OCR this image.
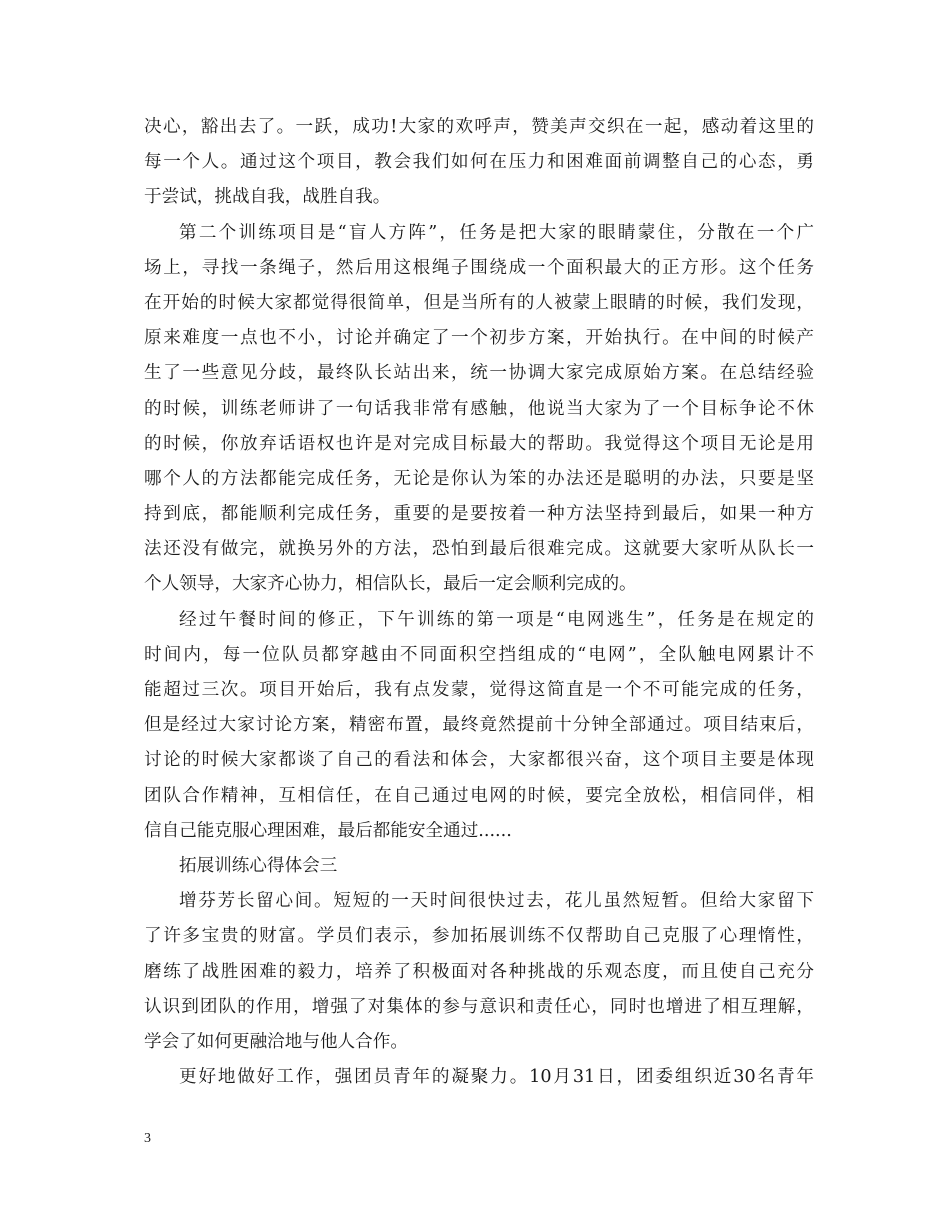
决心，豁出去了。一跃，成功!大家的欢呼声，赞美声交织在一起，感动着这里的
每一个人。通过这个项目，教会我们如何在压力和困难面前调整自己的心态，勇
于尝试，挑战自我，战胜自我。
第二个训练项目是“盲人方阵”，任务是把大家的眼睛蒙住，分散在一个广
场上，寻找一条绳子，然后用这根绳子围绕成一个面积最大的正方形。这个任务
在开始的时候大家都觉得很简单，但是当所有的人被蒙上眼睛的时候，我们发现，
原来难度一点也不小，讨论并确定了一个初步方案，开始执行。在中间的时候产
生了一些意见分歧，最终队长站出来，统一协调大家完成原始方案。在总结经验
的时候，训练老师讲了一句话我非常有感触，他说当大家为了一个目标争论不休
的时候，你放弃话语权也许是对完成目标最大的帮助。我觉得这个项目无论是用
哪个人的方法都能完成任务，无论是你认为笨的办法还是聪明的办法，只要是坚
持到底，都能顺利完成任务，重要的是要按着一种方法坚持到最后，如果一种方
法还没有做完，就换另外的方法，恐怕到最后很难完成。这就要大家听从队长一
个人领导，大家齐心协力，相信队长，最后一定会顺利完成的。
经过午餐时间的修正，下午训练的第一项是“电网逃生”，任务是在规定的
时间内，每一位队员都穿越由不同面积空挡组成的“电网”，全队触电网累计不
能超过三次。项目开始后，我有点发蒙，觉得这简直是一个不可能完成的任务，
但是经过大家讨论方案，精密布置，最终竟然提前十分钟全部通过。项目结束后，
讨论的时候大家都谈了自己的看法和体会，大家都很兴奋，这个项目主要是体现
团队合作精神，互相信任，在自己通过电网的时候，要完全放松，相信同伴，相
信自己能克服心理困难，最后都能安全通过......
拓展训练心得体会三
增芬芳长留心间。短短的一天时间很快过去，花儿虽然短暂。但给大家留下
了许多宝贵的财富。学员们表示，参加拓展训练不仅帮助自己克服了心理惰性，
磨练了战胜困难的毅力，培养了积极面对各种挑战的乐观态度，而且使自己充分
认识到团队的作用，增强了对集体的参与意识和责任心，同时也增进了相互理解，
学会了如何更融洽地与他人合作。
更好地做好工作，强团员青年的凝聚力。10月31日，团委组织近30名青年
3
